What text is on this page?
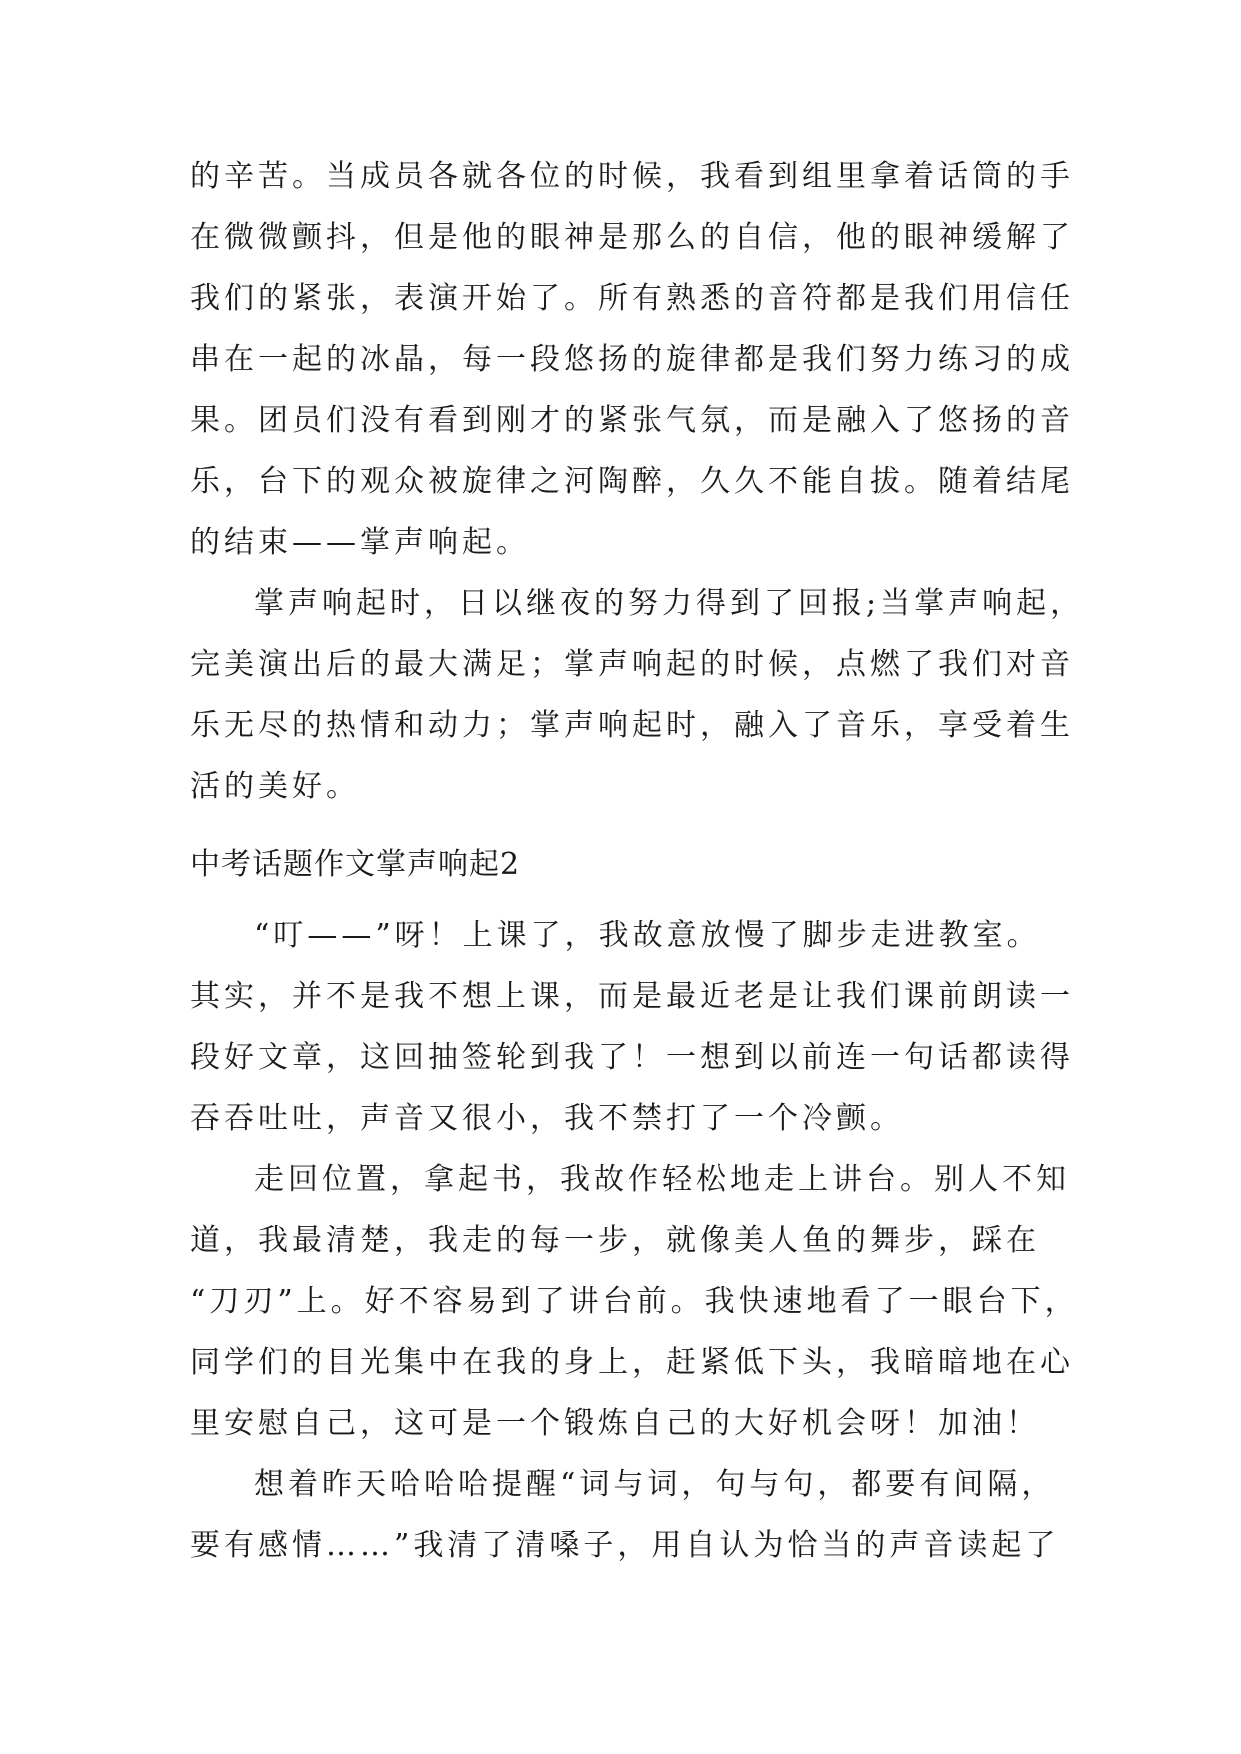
的辛苦。当成员各就各位的时候，我看到组里拿着话筒的手
在微微颤抖，但是他的眼神是那么的自信，他的眼神缓解了
我们的紧张，表演开始了。所有熟悉的音符都是我们用信任
串在一起的冰晶，每一段悠扬的旋律都是我们努力练习的成
果。团员们没有看到刚才的紧张气氛，而是融入了悠扬的音
乐，台下的观众被旋律之河陶醉，久久不能自拔。随着结尾
的结束——掌声响起。
掌声响起时，日以继夜的努力得到了回报;当掌声响起，
完美演出后的最大满足；掌声响起的时候，点燃了我们对音
乐无尽的热情和动力；掌声响起时，融入了音乐，享受着生
活的美好。
中考话题作文掌声响起2
“叮——”呀！上课了，我故意放慢了脚步走进教室。
其实，并不是我不想上课，而是最近老是让我们课前朗读一
段好文章，这回抽签轮到我了！一想到以前连一句话都读得
吞吞吐吐，声音又很小，我不禁打了一个冷颤。
走回位置，拿起书，我故作轻松地走上讲台。别人不知
道，我最清楚，我走的每一步，就像美人鱼的舞步，踩在
“刀刃”上。好不容易到了讲台前。我快速地看了一眼台下，
同学们的目光集中在我的身上，赶紧低下头，我暗暗地在心
里安慰自己，这可是一个锻炼自己的大好机会呀！加油！
想着昨天哈哈哈提醒“词与词，句与句，都要有间隔，
要有感情……”我清了清嗓子，用自认为恰当的声音读起了
